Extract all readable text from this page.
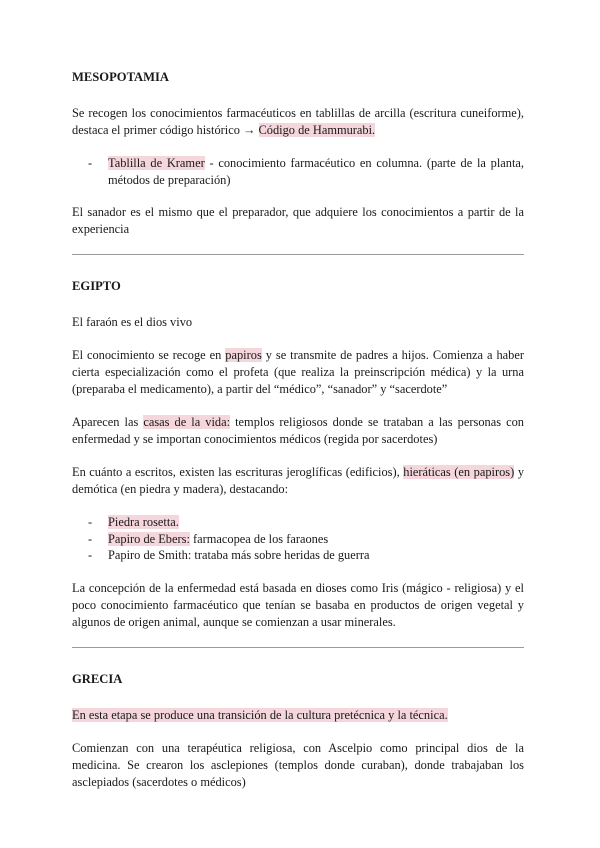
MESOPOTAMIA

Se recogen los conocimientos farmacéuticos en tablillas de arcilla (escritura cuneiforme), destaca el primer código histórico → Código de Hammurabi.

- Tablilla de Kramer - conocimiento farmacéutico en columna. (parte de la planta, métodos de preparación)

El sanador es el mismo que el preparador, que adquiere los conocimientos a partir de la experiencia

EGIPTO

El faraón es el dios vivo

El conocimiento se recoge en papiros y se transmite de padres a hijos. Comienza a haber cierta especialización como el profeta (que realiza la preinscripción médica) y la urna (preparaba el medicamento), a partir del “médico”, “sanador” y “sacerdote”

Aparecen las casas de la vida: templos religiosos donde se trataban a las personas con enfermedad y se importan conocimientos médicos (regida por sacerdotes)

En cuánto a escritos, existen las escrituras jeroglíficas (edificios), hieráticas (en papiros) y demótica (en piedra y madera), destacando:

- Piedra rosetta.
- Papiro de Ebers: farmacopea de los faraones
- Papiro de Smith: trataba más sobre heridas de guerra

La concepción de la enfermedad está basada en dioses como Iris (mágico - religiosa) y el poco conocimiento farmacéutico que tenían se basaba en productos de origen vegetal y algunos de origen animal, aunque se comienzan a usar minerales.

GRECIA

En esta etapa se produce una transición de la cultura pretécnica y la técnica.

Comienzan con una terapéutica religiosa, con Ascelpio como principal dios de la medicina. Se crearon los asclepiones (templos donde curaban), donde trabajaban los asclepiados (sacerdotes o médicos)
